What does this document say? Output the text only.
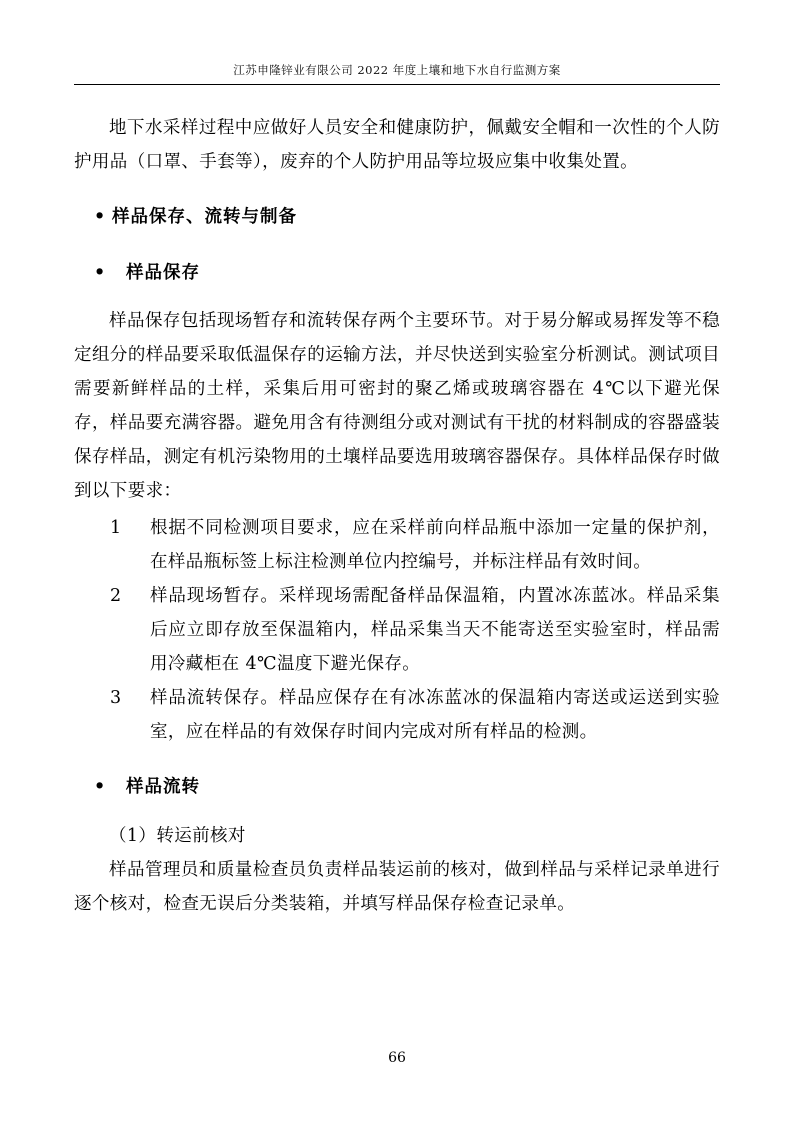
江苏申隆锌业有限公司 2022 年度上壤和地下水自行监测方案

地下水采样过程中应做好人员安全和健康防护，佩戴安全帽和一次性的个人防护用品（口罩、手套等），废弃的个人防护用品等垃圾应集中收集处置。

• 样品保存、流转与制备
•	样品保存

样品保存包括现场暂存和流转保存两个主要环节。对于易分解或易挥发等不稳定组分的样品要采取低温保存的运输方法，并尽快送到实验室分析测试。测试项目需要新鲜样品的土样，采集后用可密封的聚乙烯或玻璃容器在 4℃以下避光保存，样品要充满容器。避免用含有待测组分或对测试有干扰的材料制成的容器盛装保存样品，测定有机污染物用的土壤样品要选用玻璃容器保存。具体样品保存时做到以下要求：

1	根据不同检测项目要求，应在采样前向样品瓶中添加一定量的保护剂，在样品瓶标签上标注检测单位内控编号，并标注样品有效时间。
2	样品现场暂存。采样现场需配备样品保温箱，内置冰冻蓝冰。样品采集后应立即存放至保温箱内，样品采集当天不能寄送至实验室时，样品需用冷藏柜在 4℃温度下避光保存。
3	样品流转保存。样品应保存在有冰冻蓝冰的保温箱内寄送或运送到实验室，应在样品的有效保存时间内完成对所有样品的检测。
•	样品流转
（1）转运前核对

样品管理员和质量检查员负责样品装运前的核对，做到样品与采样记录单进行逐个核对，检查无误后分类装箱，并填写样品保存检查记录单。

66
